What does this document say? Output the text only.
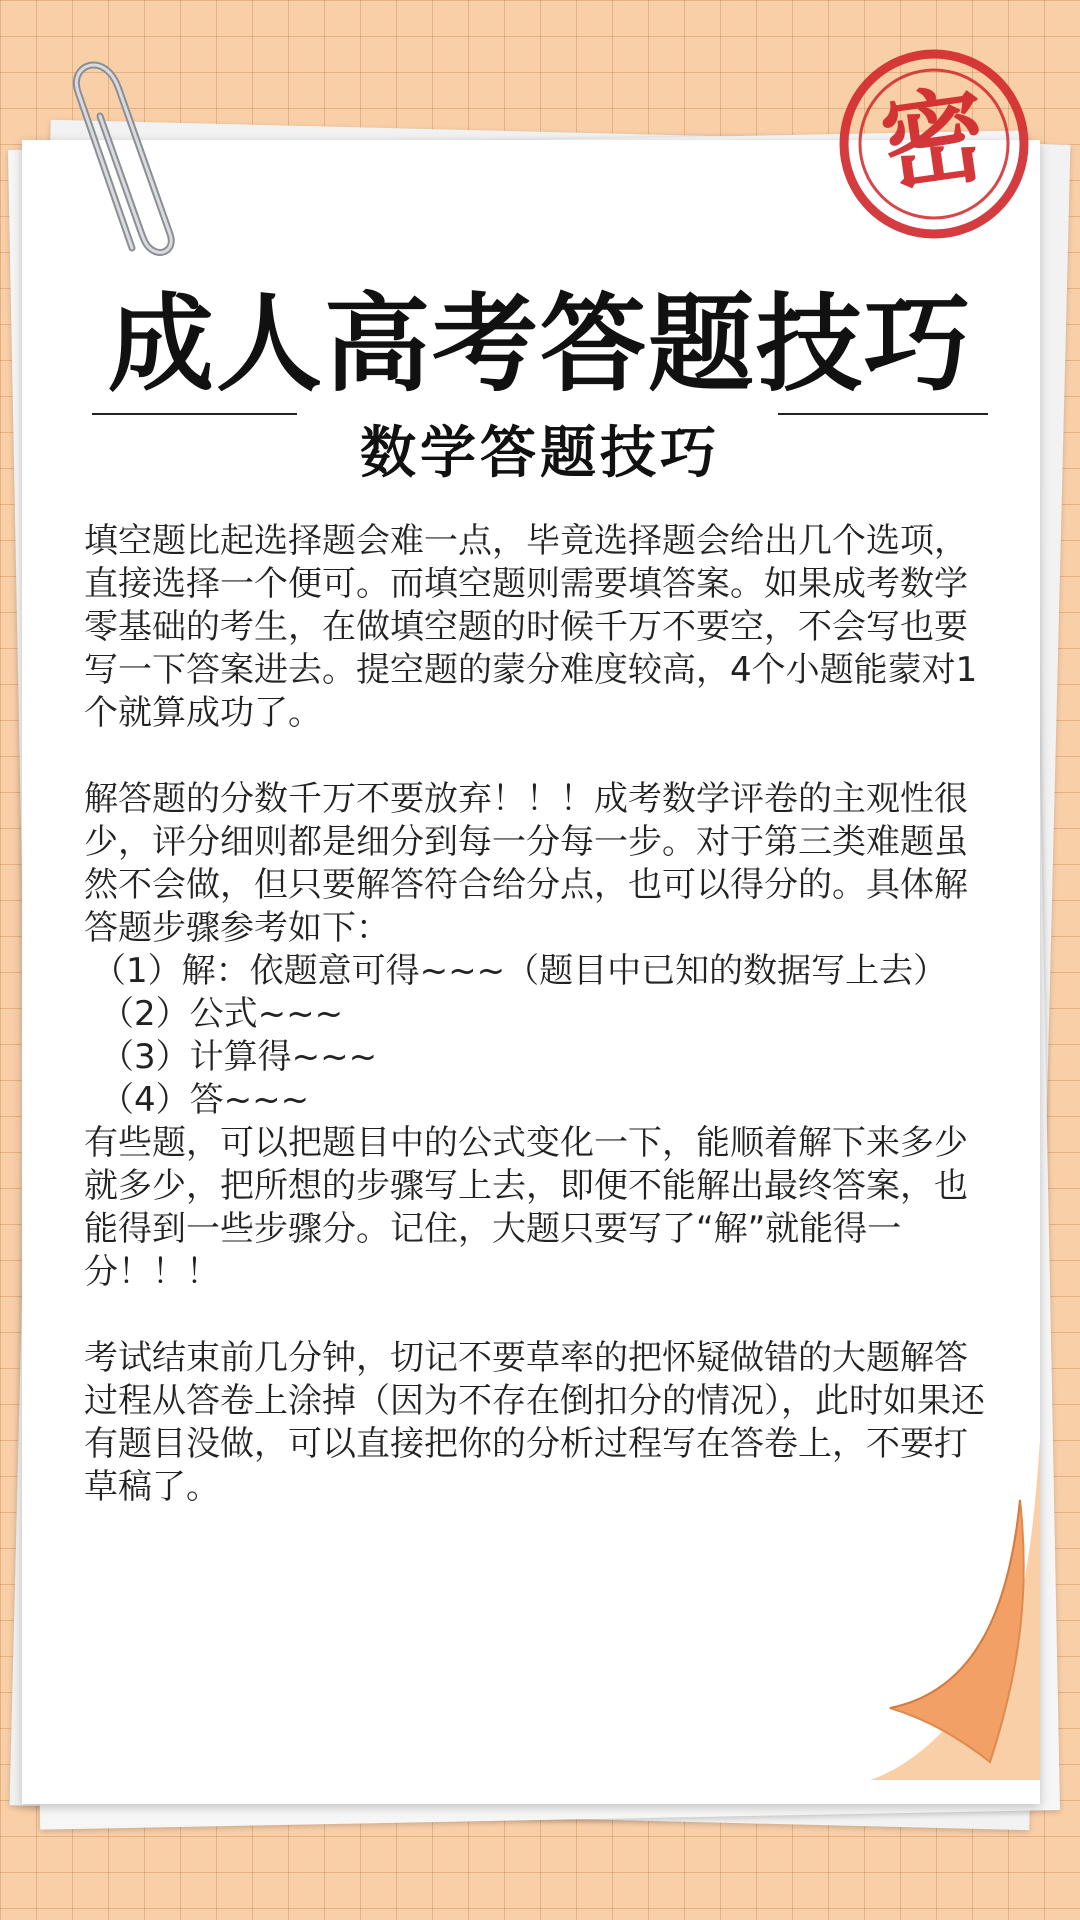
密
成人高考答题技巧
数学答题技巧

填空题比起选择题会难一点，毕竟选择题会给出几个选项，直接选择一个便可。而填空题则需要填答案。如果成考数学零基础的考生，在做填空题的时候千万不要空，不会写也要写一下答案进去。提空题的蒙分难度较高，4个小题能蒙对1个就算成功了。

解答题的分数千万不要放弃！！！成考数学评卷的主观性很少，评分细则都是细分到每一分每一步。对于第三类难题虽然不会做，但只要解答符合给分点，也可以得分的。具体解答题步骤参考如下：

（1）解：依题意可得~~~（题目中已知的数据写上去）
（2）公式~~~
（3）计算得~~~
（4）答~~~

有些题，可以把题目中的公式变化一下，能顺着解下来多少就多少，把所想的步骤写上去，即便不能解出最终答案，也能得到一些步骤分。记住，大题只要写了“解”就能得一分！！！

考试结束前几分钟，切记不要草率的把怀疑做错的大题解答过程从答卷上涂掉（因为不存在倒扣分的情况），此时如果还有题目没做，可以直接把你的分析过程写在答卷上，不要打草稿了。
